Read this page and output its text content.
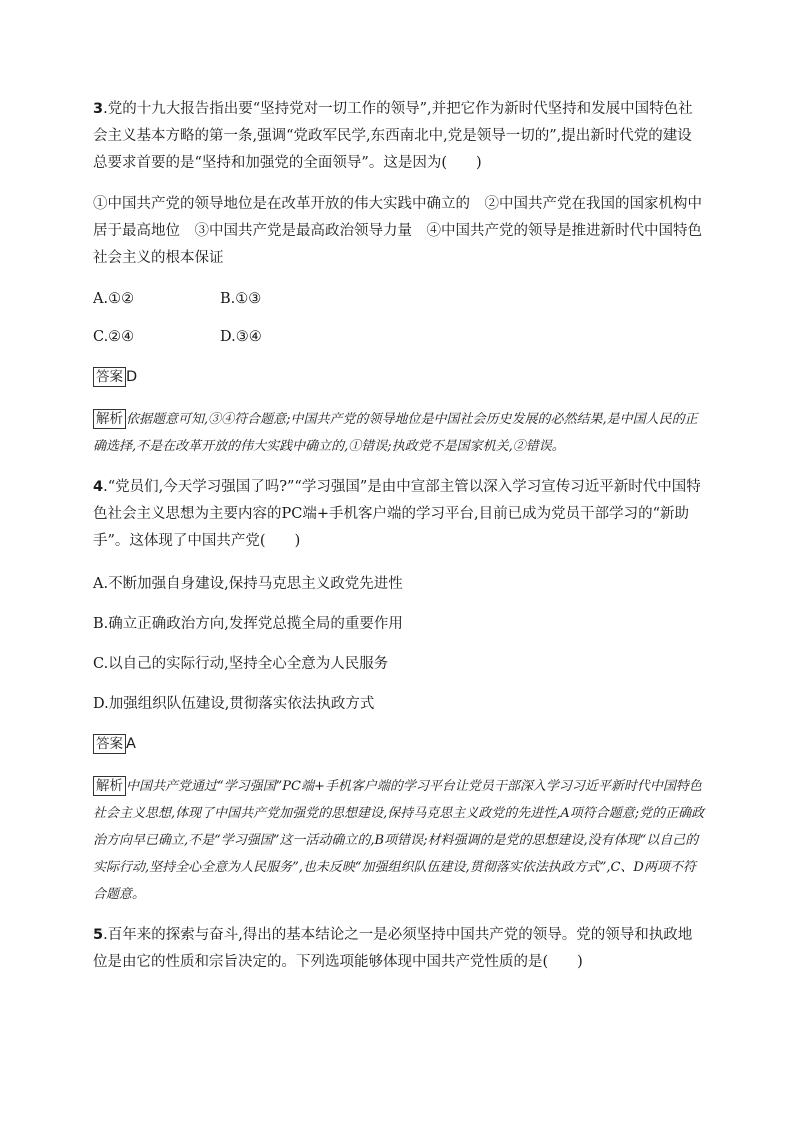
3.党的十九大报告指出要“坚持党对一切工作的领导”,并把它作为新时代坚持和发展中国特色社会主义基本方略的第一条,强调“党政军民学,东西南北中,党是领导一切的”,提出新时代党的建设总要求首要的是“坚持和加强党的全面领导”。这是因为(　　)

①中国共产党的领导地位是在改革开放的伟大实践中确立的　②中国共产党在我国的国家机构中居于最高地位　③中国共产党是最高政治领导力量　④中国共产党的领导是推进新时代中国特色社会主义的根本保证

A.①②	B.①③
C.②④	D.③④
答案 D
解析 依据题意可知,③④符合题意;中国共产党的领导地位是中国社会历史发展的必然结果,是中国人民的正确选择,不是在改革开放的伟大实践中确立的,①错误;执政党不是国家机关,②错误。

4.“党员们,今天学习强国了吗?”“学习强国”是由中宣部主管以深入学习宣传习近平新时代中国特色社会主义思想为主要内容的PC端+手机客户端的学习平台,目前已成为党员干部学习的“新助手”。这体现了中国共产党(　　)

A.不断加强自身建设,保持马克思主义政党先进性

B.确立正确政治方向,发挥党总揽全局的重要作用

C.以自己的实际行动,坚持全心全意为人民服务

D.加强组织队伍建设,贯彻落实依法执政方式

答案 A
解析 中国共产党通过“学习强国”PC端+手机客户端的学习平台让党员干部深入学习习近平新时代中国特色社会主义思想,体现了中国共产党加强党的思想建设,保持马克思主义政党的先进性,A项符合题意;党的正确政治方向早已确立,不是“学习强国”这一活动确立的,B项错误;材料强调的是党的思想建设,没有体现“以自己的实际行动,坚持全心全意为人民服务”,也未反映“加强组织队伍建设,贯彻落实依法执政方式”,C、D两项不符合题意。

5.百年来的探索与奋斗,得出的基本结论之一是必须坚持中国共产党的领导。党的领导和执政地位是由它的性质和宗旨决定的。下列选项能够体现中国共产党性质的是(　　)
